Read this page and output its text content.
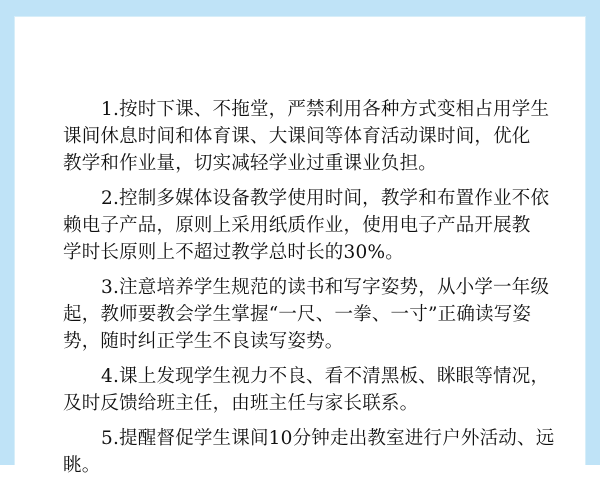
1.按时下课、不拖堂，严禁利用各种方式变相占用学生
课间休息时间和体育课、大课间等体育活动课时间，优化
教学和作业量，切实减轻学业过重课业负担。

2.控制多媒体设备教学使用时间，教学和布置作业不依
赖电子产品，原则上采用纸质作业，使用电子产品开展教
学时长原则上不超过教学总时长的30%。

3.注意培养学生规范的读书和写字姿势，从小学一年级
起，教师要教会学生掌握“一尺、一拳、一寸”正确读写姿
势，随时纠正学生不良读写姿势。

4.课上发现学生视力不良、看不清黑板、眯眼等情况，
及时反馈给班主任，由班主任与家长联系。

5.提醒督促学生课间10分钟走出教室进行户外活动、远
眺。
